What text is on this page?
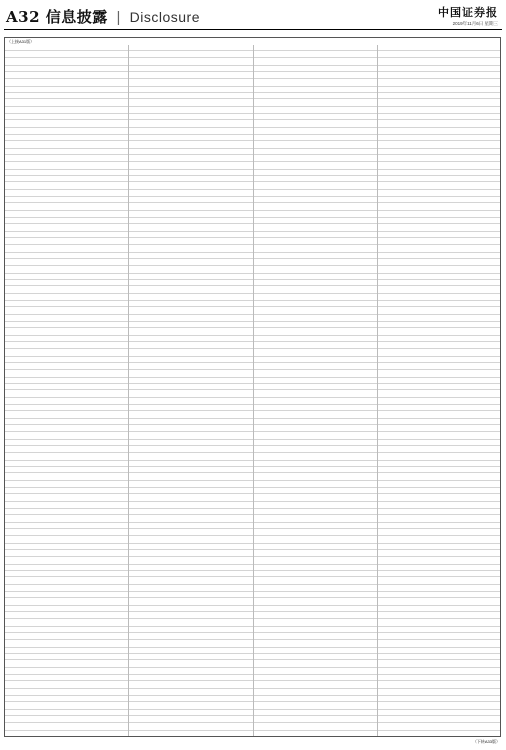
A32 信息披露 | Disclosure	中国证券报
2019年11月6日 星期三
（上接A31版）
（下转A33版）
